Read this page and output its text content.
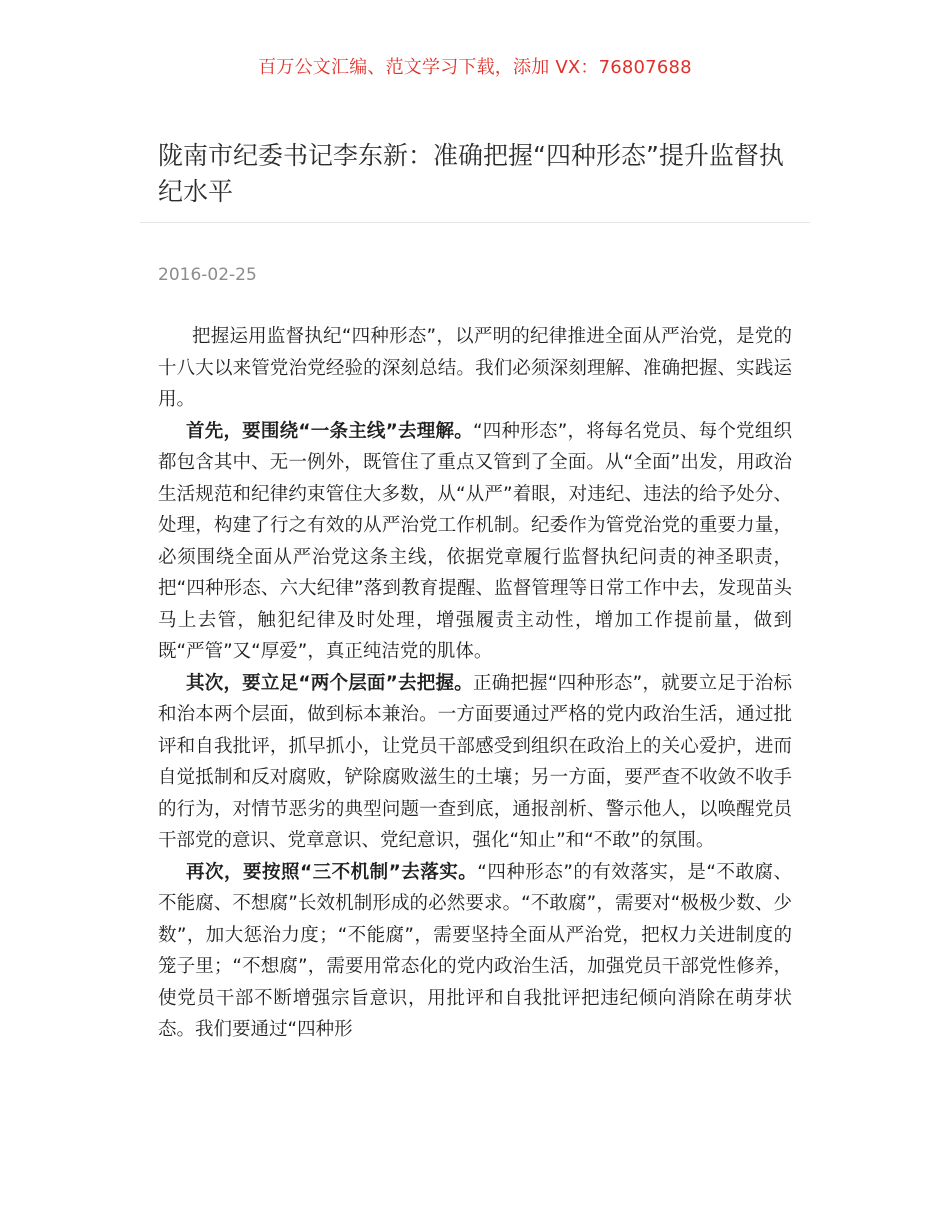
百万公文汇编、范文学习下载，添加 VX：76807688
陇南市纪委书记李东新：准确把握“四种形态”提升监督执纪水平
2016-02-25

把握运用监督执纪“四种形态”，以严明的纪律推进全面从严治党，是党的十八大以来管党治党经验的深刻总结。我们必须深刻理解、准确把握、实践运用。

首先，要围绕“一条主线”去理解。“四种形态”，将每名党员、每个党组织都包含其中、无一例外，既管住了重点又管到了全面。从“全面”出发，用政治生活规范和纪律约束管住大多数，从“从严”着眼，对违纪、违法的给予处分、处理，构建了行之有效的从严治党工作机制。纪委作为管党治党的重要力量，必须围绕全面从严治党这条主线，依据党章履行监督执纪问责的神圣职责，把“四种形态、六大纪律”落到教育提醒、监督管理等日常工作中去，发现苗头马上去管，触犯纪律及时处理，增强履责主动性，增加工作提前量，做到既“严管”又“厚爱”，真正纯洁党的肌体。

其次，要立足“两个层面”去把握。正确把握“四种形态”，就要立足于治标和治本两个层面，做到标本兼治。一方面要通过严格的党内政治生活，通过批评和自我批评，抓早抓小，让党员干部感受到组织在政治上的关心爱护，进而自觉抵制和反对腐败，铲除腐败滋生的土壤；另一方面，要严查不收敛不收手的行为，对情节恶劣的典型问题一查到底，通报剖析、警示他人，以唤醒党员干部党的意识、党章意识、党纪意识，强化“知止”和“不敢”的氛围。

再次，要按照“三不机制”去落实。“四种形态”的有效落实，是“不敢腐、不能腐、不想腐”长效机制形成的必然要求。“不敢腐”，需要对“极极少数、少数”，加大惩治力度；“不能腐”，需要坚持全面从严治党，把权力关进制度的笼子里；“不想腐”，需要用常态化的党内政治生活，加强党员干部党性修养，使党员干部不断增强宗旨意识，用批评和自我批评把违纪倾向消除在萌芽状态。我们要通过“四种形
